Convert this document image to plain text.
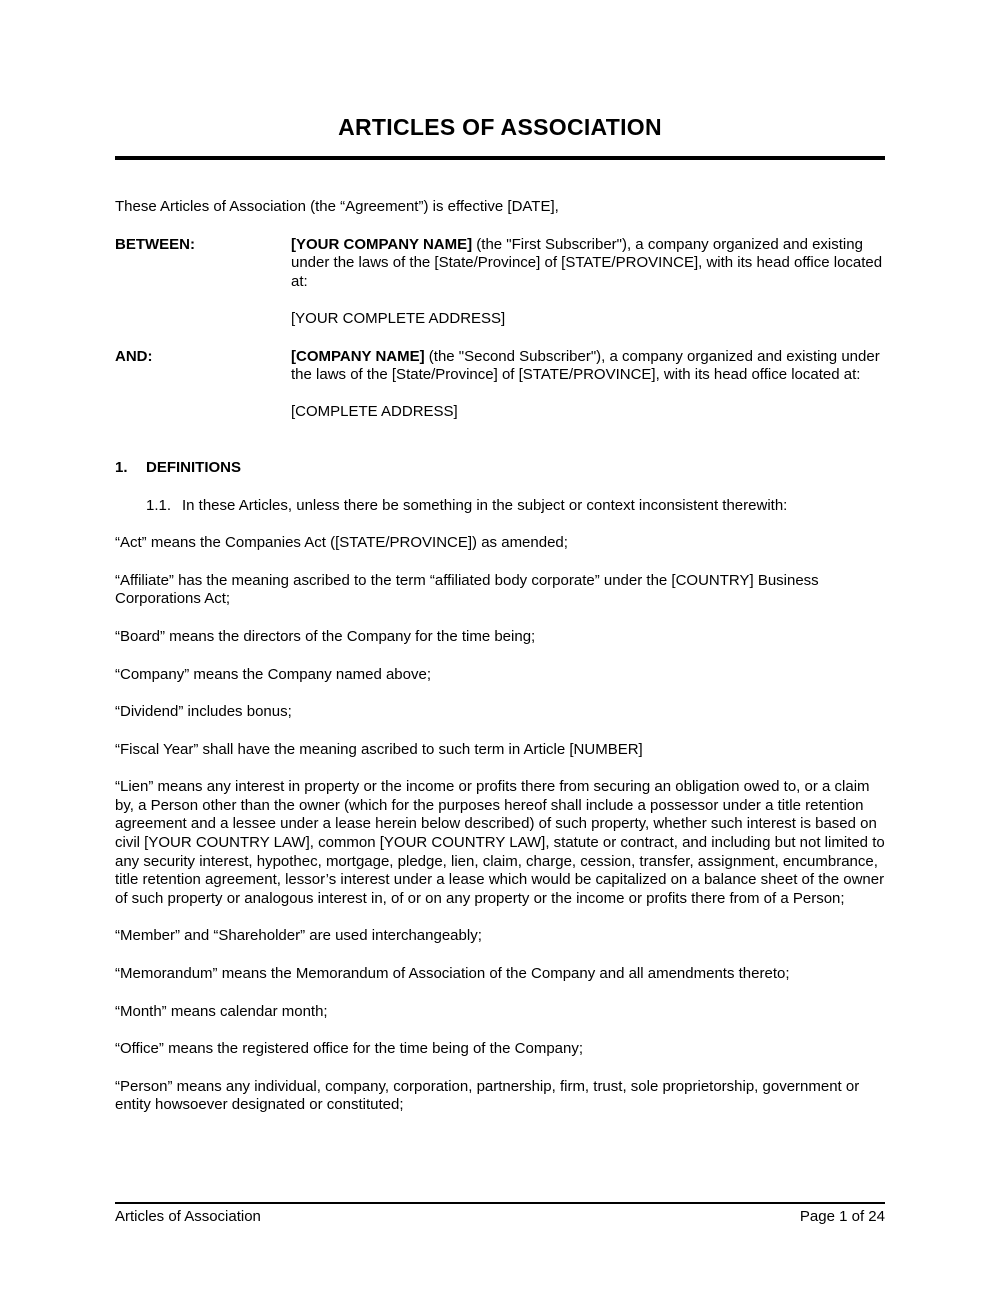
ARTICLES OF ASSOCIATION

These Articles of Association (the “Agreement”) is effective [DATE],

BETWEEN:	[YOUR COMPANY NAME] (the "First Subscriber"), a company organized and existing under the laws of the [State/Province] of [STATE/PROVINCE], with its head office located at:

[YOUR COMPLETE ADDRESS]

AND:	[COMPANY NAME] (the "Second Subscriber"), a company organized and existing under the laws of the [State/Province] of [STATE/PROVINCE], with its head office located at:

[COMPLETE ADDRESS]

1. DEFINITIONS

1.1. In these Articles, unless there be something in the subject or context inconsistent therewith:

“Act” means the Companies Act ([STATE/PROVINCE]) as amended;

“Affiliate” has the meaning ascribed to the term “affiliated body corporate” under the [COUNTRY] Business Corporations Act;

“Board” means the directors of the Company for the time being;

“Company” means the Company named above;

“Dividend” includes bonus;

“Fiscal Year” shall have the meaning ascribed to such term in Article [NUMBER]

“Lien” means any interest in property or the income or profits there from securing an obligation owed to, or a claim by, a Person other than the owner (which for the purposes hereof shall include a possessor under a title retention agreement and a lessee under a lease herein below described) of such property, whether such interest is based on civil [YOUR COUNTRY LAW], common [YOUR COUNTRY LAW], statute or contract, and including but not limited to any security interest, hypothec, mortgage, pledge, lien, claim, charge, cession, transfer, assignment, encumbrance, title retention agreement, lessor’s interest under a lease which would be capitalized on a balance sheet of the owner of such property or analogous interest in, of or on any property or the income or profits there from of a Person;

“Member” and “Shareholder” are used interchangeably;

“Memorandum” means the Memorandum of Association of the Company and all amendments thereto;

“Month” means calendar month;

“Office” means the registered office for the time being of the Company;

“Person” means any individual, company, corporation, partnership, firm, trust, sole proprietorship, government or entity howsoever designated or constituted;

Articles of Association	Page 1 of 24
